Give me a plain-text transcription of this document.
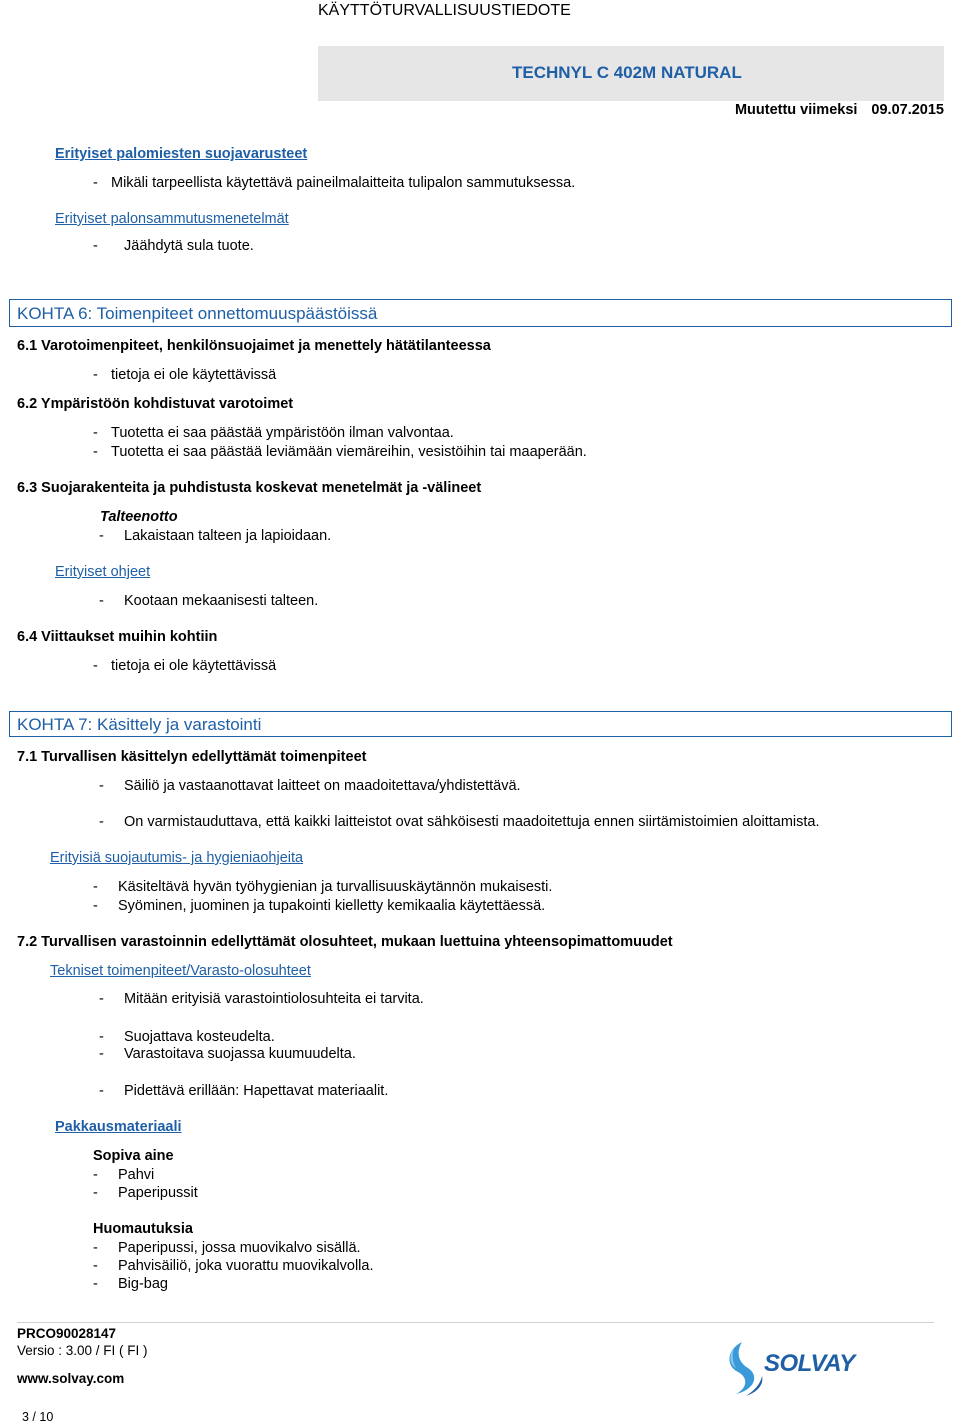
KÄYTTÖTURVALLISUUSTIEDOTE
TECHNYL C 402M NATURAL
Muutettu viimeksi 09.07.2015
Erityiset palomiesten suojavarusteet
- Mikäli tarpeellista käytettävä paineilmalaitteita tulipalon sammutuksessa.
Erityiset palonsammutusmenetelmät
- Jäähdytä sula tuote.
KOHTA 6: Toimenpiteet onnettomuuspäästöissä
6.1 Varotoimenpiteet, henkilönsuojaimet ja menettely hätätilanteessa
- tietoja ei ole käytettävissä
6.2 Ympäristöön kohdistuvat varotoimet
- Tuotetta ei saa päästää ympäristöön ilman valvontaa.
- Tuotetta ei saa päästää leviämään viemäreihin, vesistöihin tai maaperään.
6.3 Suojarakenteita ja puhdistusta koskevat menetelmät ja -välineet
Talteenotto
- Lakaistaan talteen ja lapioidaan.
Erityiset ohjeet
- Kootaan mekaanisesti talteen.
6.4 Viittaukset muihin kohtiin
- tietoja ei ole käytettävissä
KOHTA 7: Käsittely ja varastointi
7.1 Turvallisen käsittelyn edellyttämät toimenpiteet
- Säiliö ja vastaanottavat laitteet on maadoitettava/yhdistettävä.
- On varmistauduttava, että kaikki laitteistot ovat sähköisesti maadoitettuja ennen siirtämistoimien aloittamista.
Erityisiä suojautumis- ja hygieniaohjeita
- Käsiteltävä hyvän työhygienian ja turvallisuuskäytännön mukaisesti.
- Syöminen, juominen ja tupakointi kielletty kemikaalia käytettäessä.
7.2 Turvallisen varastoinnin edellyttämät olosuhteet, mukaan luettuina yhteensopimattomuudet
Tekniset toimenpiteet/Varasto-olosuhteet
- Mitään erityisiä varastointiolosuhteita ei tarvita.
- Suojattava kosteudelta.
- Varastoitava suojassa kuumuudelta.
- Pidettävä erillään: Hapettavat materiaalit.
Pakkausmateriaali
Sopiva aine
- Pahvi
- Paperipussit
Huomautuksia
- Paperipussi, jossa muovikalvo sisällä.
- Pahvisäiliö, joka vuorattu muovikalvolla.
- Big-bag
PRCO90028147
Versio : 3.00 / FI ( FI )
www.solvay.com
3 / 10
SOLVAY
